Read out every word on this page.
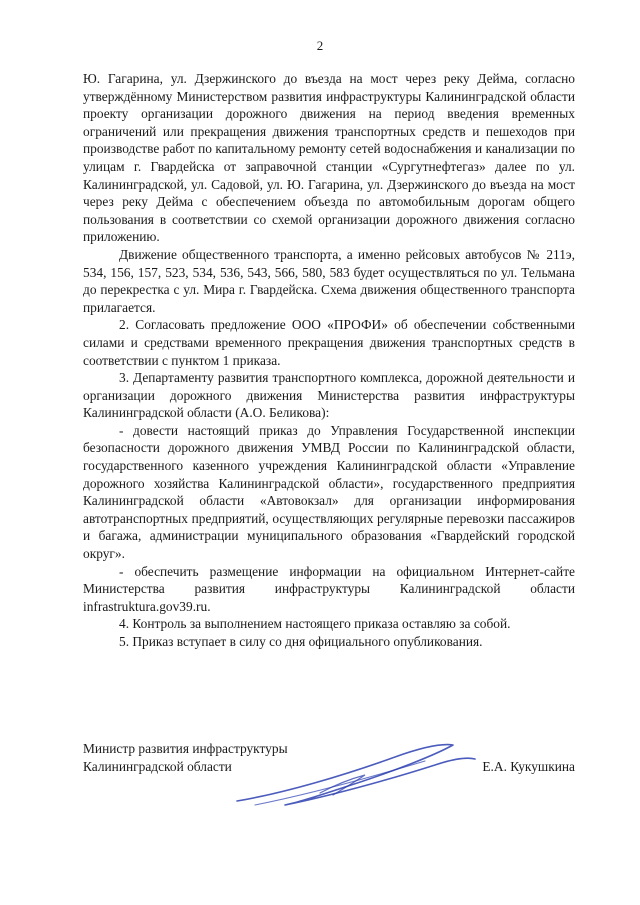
2

Ю. Гагарина, ул. Дзержинского до въезда на мост через реку Дейма, согласно утверждённому Министерством развития инфраструктуры Калининградской области проекту организации дорожного движения на период введения временных ограничений или прекращения движения транспортных средств и пешеходов при производстве работ по капитальному ремонту сетей водоснабжения и канализации по улицам г. Гвардейска от заправочной станции «Сургутнефтегаз» далее по ул. Калининградской, ул. Садовой, ул. Ю. Гагарина, ул. Дзержинского до въезда на мост через реку Дейма с обеспечением объезда по автомобильным дорогам общего пользования в соответствии со схемой организации дорожного движения согласно приложению.

Движение общественного транспорта, а именно рейсовых автобусов № 211э, 534, 156, 157, 523, 534, 536, 543, 566, 580, 583 будет осуществляться по ул. Тельмана до перекрестка с ул. Мира г. Гвардейска. Схема движения общественного транспорта прилагается.

2. Согласовать предложение ООО «ПРОФИ» об обеспечении собственными силами и средствами временного прекращения движения транспортных средств в соответствии с пунктом 1 приказа.

3. Департаменту развития транспортного комплекса, дорожной деятельности и организации дорожного движения Министерства развития инфраструктуры Калининградской области (А.О. Беликова):

- довести настоящий приказ до Управления Государственной инспекции безопасности дорожного движения УМВД России по Калининградской области, государственного казенного учреждения Калининградской области «Управление дорожного хозяйства Калининградской области», государственного предприятия Калининградской области «Автовокзал» для организации информирования автотранспортных предприятий, осуществляющих регулярные перевозки пассажиров и багажа, администрации муниципального образования «Гвардейский городской округ».

- обеспечить размещение информации на официальном Интернет-сайте Министерства развития инфраструктуры Калининградской области infrastruktura.gov39.ru.

4. Контроль за выполнением настоящего приказа оставляю за собой.

5. Приказ вступает в силу со дня официального опубликования.

Министр развития инфраструктуры
Калининградской области	Е.А. Кукушкина
